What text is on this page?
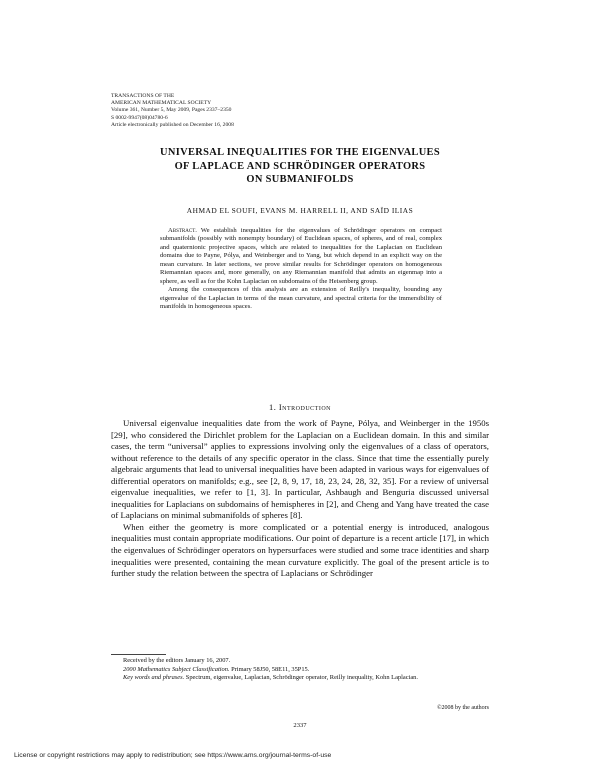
TRANSACTIONS OF THE
AMERICAN MATHEMATICAL SOCIETY
Volume 361, Number 5, May 2009, Pages 2337–2350
S 0002-9947(08)04780-6
Article electronically published on December 16, 2008
UNIVERSAL INEQUALITIES FOR THE EIGENVALUES
OF LAPLACE AND SCHRÖDINGER OPERATORS
ON SUBMANIFOLDS
AHMAD EL SOUFI, EVANS M. HARRELL II, AND SAÏD ILIAS

Abstract. We establish inequalities for the eigenvalues of Schrödinger operators on compact submanifolds (possibly with nonempty boundary) of Euclidean spaces, of spheres, and of real, complex and quaternionic projective spaces, which are related to inequalities for the Laplacian on Euclidean domains due to Payne, Pólya, and Weinberger and to Yang, but which depend in an explicit way on the mean curvature. In later sections, we prove similar results for Schrödinger operators on homogeneous Riemannian spaces and, more generally, on any Riemannian manifold that admits an eigenmap into a sphere, as well as for the Kohn Laplacian on subdomains of the Heisenberg group.

Among the consequences of this analysis are an extension of Reilly's inequality, bounding any eigenvalue of the Laplacian in terms of the mean curvature, and spectral criteria for the immersibility of manifolds in homogeneous spaces.

1. Introduction

Universal eigenvalue inequalities date from the work of Payne, Pólya, and Weinberger in the 1950s [29], who considered the Dirichlet problem for the Laplacian on a Euclidean domain. In this and similar cases, the term “universal” applies to expressions involving only the eigenvalues of a class of operators, without reference to the details of any specific operator in the class. Since that time the essentially purely algebraic arguments that lead to universal inequalities have been adapted in various ways for eigenvalues of differential operators on manifolds; e.g., see [2, 8, 9, 17, 18, 23, 24, 28, 32, 35]. For a review of universal eigenvalue inequalities, we refer to [1, 3]. In particular, Ashbaugh and Benguria discussed universal inequalities for Laplacians on subdomains of hemispheres in [2], and Cheng and Yang have treated the case of Laplacians on minimal submanifolds of spheres [8].

When either the geometry is more complicated or a potential energy is introduced, analogous inequalities must contain appropriate modifications. Our point of departure is a recent article [17], in which the eigenvalues of Schrödinger operators on hypersurfaces were studied and some trace identities and sharp inequalities were presented, containing the mean curvature explicitly. The goal of the present article is to further study the relation between the spectra of Laplacians or Schrödinger

Received by the editors January 16, 2007.

2000 Mathematics Subject Classification. Primary 58J50, 58E11, 35P15.

Key words and phrases. Spectrum, eigenvalue, Laplacian, Schrödinger operator, Reilly inequality, Kohn Laplacian.

©2008 by the authors
2337
License or copyright restrictions may apply to redistribution; see https://www.ams.org/journal-terms-of-use
